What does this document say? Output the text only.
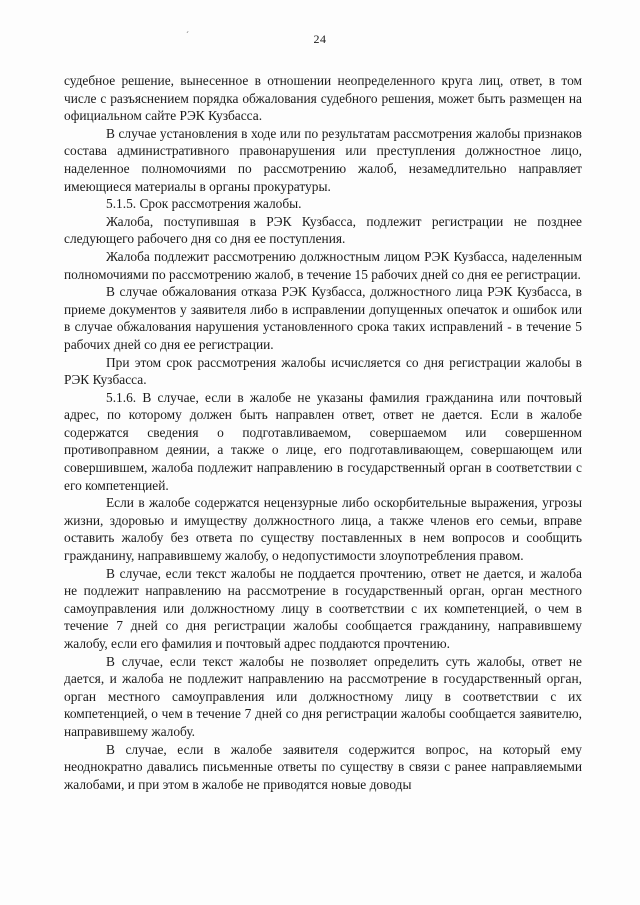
´	24

судебное решение, вынесенное в отношении неопределенного круга лиц, ответ, в том числе с разъяснением порядка обжалования судебного решения, может быть размещен на официальном сайте РЭК Кузбасса.

В случае установления в ходе или по результатам рассмотрения жалобы признаков состава административного правонарушения или преступления должностное лицо, наделенное полномочиями по рассмотрению жалоб, незамедлительно направляет имеющиеся материалы в органы прокуратуры.

5.1.5. Срок рассмотрения жалобы.

Жалоба, поступившая в РЭК Кузбасса, подлежит регистрации не позднее следующего рабочего дня со дня ее поступления.

Жалоба подлежит рассмотрению должностным лицом РЭК Кузбасса, наделенным полномочиями по рассмотрению жалоб, в течение 15 рабочих дней со дня ее регистрации.

В случае обжалования отказа РЭК Кузбасса, должностного лица РЭК Кузбасса, в приеме документов у заявителя либо в исправлении допущенных опечаток и ошибок или в случае обжалования нарушения установленного срока таких исправлений - в течение 5 рабочих дней со дня ее регистрации.

При этом срок рассмотрения жалобы исчисляется со дня регистрации жалобы в РЭК Кузбасса.

5.1.6. В случае, если в жалобе не указаны фамилия гражданина или почтовый адрес, по которому должен быть направлен ответ, ответ не дается. Если в жалобе содержатся сведения о подготавливаемом, совершаемом или совершенном противоправном деянии, а также о лице, его подготавливающем, совершающем или совершившем, жалоба подлежит направлению в государственный орган в соответствии с его компетенцией.

Если в жалобе содержатся нецензурные либо оскорбительные выражения, угрозы жизни, здоровью и имуществу должностного лица, а также членов его семьи, вправе оставить жалобу без ответа по существу поставленных в нем вопросов и сообщить гражданину, направившему жалобу, о недопустимости злоупотребления правом.

В случае, если текст жалобы не поддается прочтению, ответ не дается, и жалоба не подлежит направлению на рассмотрение в государственный орган, орган местного самоуправления или должностному лицу в соответствии с их компетенцией, о чем в течение 7 дней со дня регистрации жалобы сообщается гражданину, направившему жалобу, если его фамилия и почтовый адрес поддаются прочтению.

В случае, если текст жалобы не позволяет определить суть жалобы, ответ не дается, и жалоба не подлежит направлению на рассмотрение в государственный орган, орган местного самоуправления или должностному лицу в соответствии с их компетенцией, о чем в течение 7 дней со дня регистрации жалобы сообщается заявителю, направившему жалобу.

В случае, если в жалобе заявителя содержится вопрос, на который ему неоднократно давались письменные ответы по существу в связи с ранее направляемыми жалобами, и при этом в жалобе не приводятся новые доводы
